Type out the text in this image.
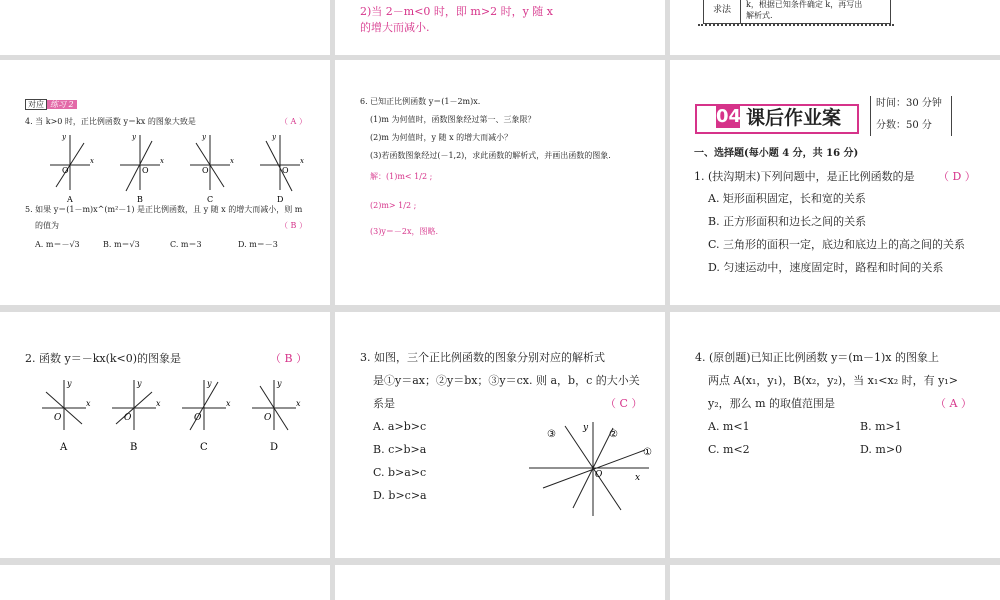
2)当 2－m<0 时，即 m>2 时，y 随 x
的增大而减小.
求法
k，根据已知条件确定 k，再写出
解析式.
对应 练习 2
4. 当 k>0 时，正比例函数 y＝kx 的图象大致是	（ A ）
O
x
y
A
O
x
y
B
O
x
y
C
O
x
y
D
5. 如果 y＝(1－m)x^(m²－1) 是正比例函数，且 y 随 x 的增大而减小，则 m
的值为	（ B ）
A. m＝－√3	B. m＝√3	C. m＝3	D. m＝－3
6. 已知正比例函数 y＝(1－2m)x.
(1)m 为何值时，函数图象经过第一、三象限？
(2)m 为何值时，y 随 x 的增大而减小？
(3)若函数图象经过(－1,2)，求此函数的解析式，并画出函数的图象.
解：(1)m< 1/2 ;
(2)m> 1/2 ;
(3)y＝－2x，图略.
04 课后作业案
时间：30 分钟
分数：50 分
一、选择题(每小题 4 分，共 16 分)
1. (扶沟期末)下列问题中，是正比例函数的是 （ D ）
A. 矩形面积固定，长和宽的关系
B. 正方形面积和边长之间的关系
C. 三角形的面积一定，底边和底边上的高之间的关系
D. 匀速运动中，速度固定时，路程和时间的关系
2. 函数 y＝－kx(k<0)的图象是	（ B ）
O
x
y
A
O
x
y
B
O
x
y
C
O
x
y
D
3. 如图，三个正比例函数的图象分别对应的解析式
是①y＝ax；②y＝bx；③y＝cx. 则 a，b，c 的大小关
系是	（ C ）
A. a>b>c
B. c>b>a
C. b>a>c
D. b>c>a
③	②
①
y
O	x
4. (原创题)已知正比例函数 y＝(m－1)x 的图象上
两点 A(x₁，y₁)，B(x₂，y₂)，当 x₁<x₂ 时，有 y₁>
y₂，那么 m 的取值范围是	（ A ）
A. m<1	B. m>1
C. m<2	D. m>0
